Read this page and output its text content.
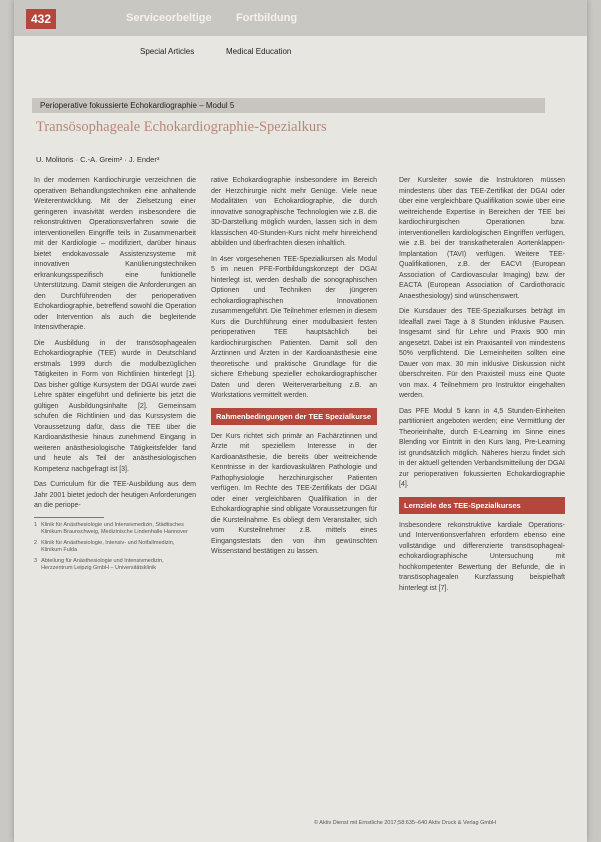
432	Serviceorbeltige Fortbildung
Special Articles	Medical Education
Perioperative fokussierte Echokardiographie – Modul 5
Transösophageale Echokardiographie-Spezialkurs
U. Molitoris · C.-A. Greim² · J. Ender³

In der modernen Kardiochirurgie verzeichnen die operativen Behandlungstechniken eine anhaltende Weiterentwicklung. Mit der Zielsetzung einer geringeren invasivität werden insbesondere die rekonstruktiven Operationsverfahren sowie die interventionellen Eingriffe teils in Zusammenarbeit mit der Kardiologie – modifiziert, darüber hinaus bietet endokavossale Assistenzsysteme mit innovativen Kanülierungstechniken erkrankungsspezifisch eine funktionelle Unterstützung. Damit steigen die Anforderungen an den Durchführenden der perioperativen Echokardiographie, betreffend sowohl die Operation oder Intervention als auch die begleitende Intensivtherapie.

Die Ausbildung in der transösophagealen Echokardiographie (TEE) wurde in Deutschland erstmals 1999 durch die modulbezüglichen Tätigkeiten in Form von Richtlinien hinterlegt [1]. Das bisher gültige Kursystem der DGAI wurde zwei Lehre später eingeführt und definierte bis jetzt die gültigen Ausbildungsinhalte [2]. Gemeinsam schufen die Richtlinien und das Kurssystem die Voraussetzung dafür, dass die TEE über die Kardioanästhesie hinaus zunehmend Eingang in weiteren anästhesiologische Tätigkeitsfelder fand und heute als Teil der anästhesiologischen Kompetenz nachgefragt ist [3].

Das Curriculum für die TEE-Ausbildung aus dem Jahr 2001 bietet jedoch der heutigen Anforderungen an die periope-

1 Klinik für Anästhesiologie und Intensivmedizin, Städtisches Klinikum Braunschweig, Medizinische Lindenhalle Hannover
2 Klinik für Anästhesiologie, Intensiv- und Notfallmedizin, Klinikum Fulda
3 Abteilung für Anästhesiologie und Intensivmedizin, Herzzentrum Leipzig GmbH – Universitätsklinik

rative Echokardiographie insbesondere im Bereich der Herzchirurgie nicht mehr Genüge. Viele neue Modalitäten von Echokardiographie, die durch innovative sonographische Technologien wie z.B. die 3D-Darstellung möglich wurden, lassen sich in dem klassischen 40-Stunden-Kurs nicht mehr hinreichend abbilden und überfrachten diesen inhaltlich.

In 4ser vorgesehenen TEE-Spezialkursen als Modul 5 im neuen PFE-Fortbildungskonzept der DGAI hinterlegt ist, werden deshalb die sonographischen Optionen und Techniken der jüngeren echokardiographischen Innovationen zusammengeführt. Die Teilnehmer erlernen in diesem Kurs die Durchführung einer modulbasiert festen perioperativen TEE hauptsächlich bei kardiochirurgischen Patienten. Damit soll den Ärztinnen und Ärzten in der Kardioanästhesie eine theoretische und praktische Grundlage für die sichere Erhebung spezieller echokardiographischer Daten und deren Weiterverarbeitung z.B. an Workstations vermittelt werden.

Rahmenbedingungen der TEE Spezialkurse

Der Kurs richtet sich primär an Fachärztinnen und Ärzte mit speziellem Interesse in der Kardioanästhesie, die bereits über weitreichende Kenntnisse in der kardiovaskulären Pathologie und Pathophysiologie herzchirurgischer Patienten verfügen. Im Rechte des TEE-Zertifikats der DGAI oder einer vergleichbaren Qualifikation in der Echokardiographie sind obligate Voraussetzungen für die Kursteilnahme. Es obliegt dem Veranstalter, sich vom Kursteilnehmer z.B. mittels eines Eingangstestats den von ihm gewünschten Wissenstand bestätigen zu lassen.

Der Kursleiter sowie die Instruktoren müssen mindestens über das TEE-Zertifikat der DGAI oder über eine vergleichbare Qualifikation sowie über eine weitreichende Expertise in Bereichen der TEE bei kardiochirurgischen Operationen bzw. interventionellen kardiologischen Eingriffen verfügen, wie z.B. bei der transkatheteralen Aortenklappen-Implantation (TAVI) verfügen. Weitere TEE-Qualifikationen, z.B. der EACVI (European Association of Cardiovascular Imaging) bzw. der EACTA (European Association of Cardiothoracic Anaesthesiology) sind wünschenswert.

Die Kursdauer des TEE-Spezialkurses beträgt im Idealfall zwei Tage à 8 Stunden inklusive Pausen. Insgesamt sind für Lehre und Praxis 900 min angesetzt. Dabei ist ein Praxisanteil von mindestens 50% verpflichtend. Die Lerneinheiten sollten eine Dauer von max. 30 min inklusive Diskussion nicht überschreiten. Für den Praxisteil muss eine Quote von max. 4 Teilnehmern pro Instruktor eingehalten werden.

Das PFE Modul 5 kann in 4,5 Stunden-Einheiten partitioniert angeboten werden; eine Vermittlung der Theorieinhalte, durch E-Learning im Sinne eines Blending vor Eintritt in den Kurs lang, Pre-Learning ist grundsätzlich möglich. Näheres hierzu findet sich in der aktuell geltenden Verbandsmitteilung der DGAI zur perioperativen fokussierten Echokardiographie [4].

Lernziele des TEE-Spezialkurses

Insbesondere rekonstruktive kardiale Operations- und Interventionsverfahren erfordern ebenso eine vollständige und differenzierte transösophageal-echokardiographische Untersuchung mit hochkompetenter Bewertung der Befunde, die in transösophagealen Kurzfassung beispielhaft hinterlegt ist [7].

© Aktiv Dienst mit Ernstliche 2017;58:635–640 Aktiv Druck & Verlag GmbH
